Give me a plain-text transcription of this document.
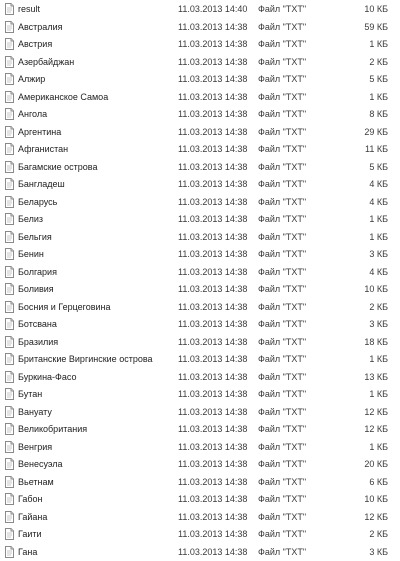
result	11.03.2013 14:40 Файл "TXT"	10 КБ
Австралия	11.03.2013 14:38 Файл "TXT"	59 КБ
Австрия	11.03.2013 14:38 Файл "TXT"	1 КБ
Азербайджан	11.03.2013 14:38 Файл "TXT"	2 КБ
Алжир	11.03.2013 14:38 Файл "TXT"	5 КБ
Американское Самоа	11.03.2013 14:38 Файл "TXT"	1 КБ
Ангола	11.03.2013 14:38 Файл "TXT"	8 КБ
Аргентина	11.03.2013 14:38 Файл "TXT"	29 КБ
Афганистан	11.03.2013 14:38 Файл "TXT"	11 КБ
Багамские острова	11.03.2013 14:38 Файл "TXT"	5 КБ
Бангладеш	11.03.2013 14:38 Файл "TXT"	4 КБ
Беларусь	11.03.2013 14:38 Файл "TXT"	4 КБ
Белиз	11.03.2013 14:38 Файл "TXT"	1 КБ
Бельгия	11.03.2013 14:38 Файл "TXT"	1 КБ
Бенин	11.03.2013 14:38 Файл "TXT"	3 КБ
Болгария	11.03.2013 14:38 Файл "TXT"	4 КБ
Боливия	11.03.2013 14:38 Файл "TXT"	10 КБ
Босния и Герцеговина	11.03.2013 14:38 Файл "TXT"	2 КБ
Ботсвана	11.03.2013 14:38 Файл "TXT"	3 КБ
Бразилия	11.03.2013 14:38 Файл "TXT"	18 КБ
Британские Виргинские острова	11.03.2013 14:38 Файл "TXT"	1 КБ
Буркина-Фасо	11.03.2013 14:38 Файл "TXT"	13 КБ
Бутан	11.03.2013 14:38 Файл "TXT"	1 КБ
Вануату	11.03.2013 14:38 Файл "TXT"	12 КБ
Великобритания	11.03.2013 14:38 Файл "TXT"	12 КБ
Венгрия	11.03.2013 14:38 Файл "TXT"	1 КБ
Венесуэла	11.03.2013 14:38 Файл "TXT"	20 КБ
Вьетнам	11.03.2013 14:38 Файл "TXT"	6 КБ
Габон	11.03.2013 14:38 Файл "TXT"	10 КБ
Гайана	11.03.2013 14:38 Файл "TXT"	12 КБ
Гаити	11.03.2013 14:38 Файл "TXT"	2 КБ
Гана	11.03.2013 14:38 Файл "TXT"	3 КБ
